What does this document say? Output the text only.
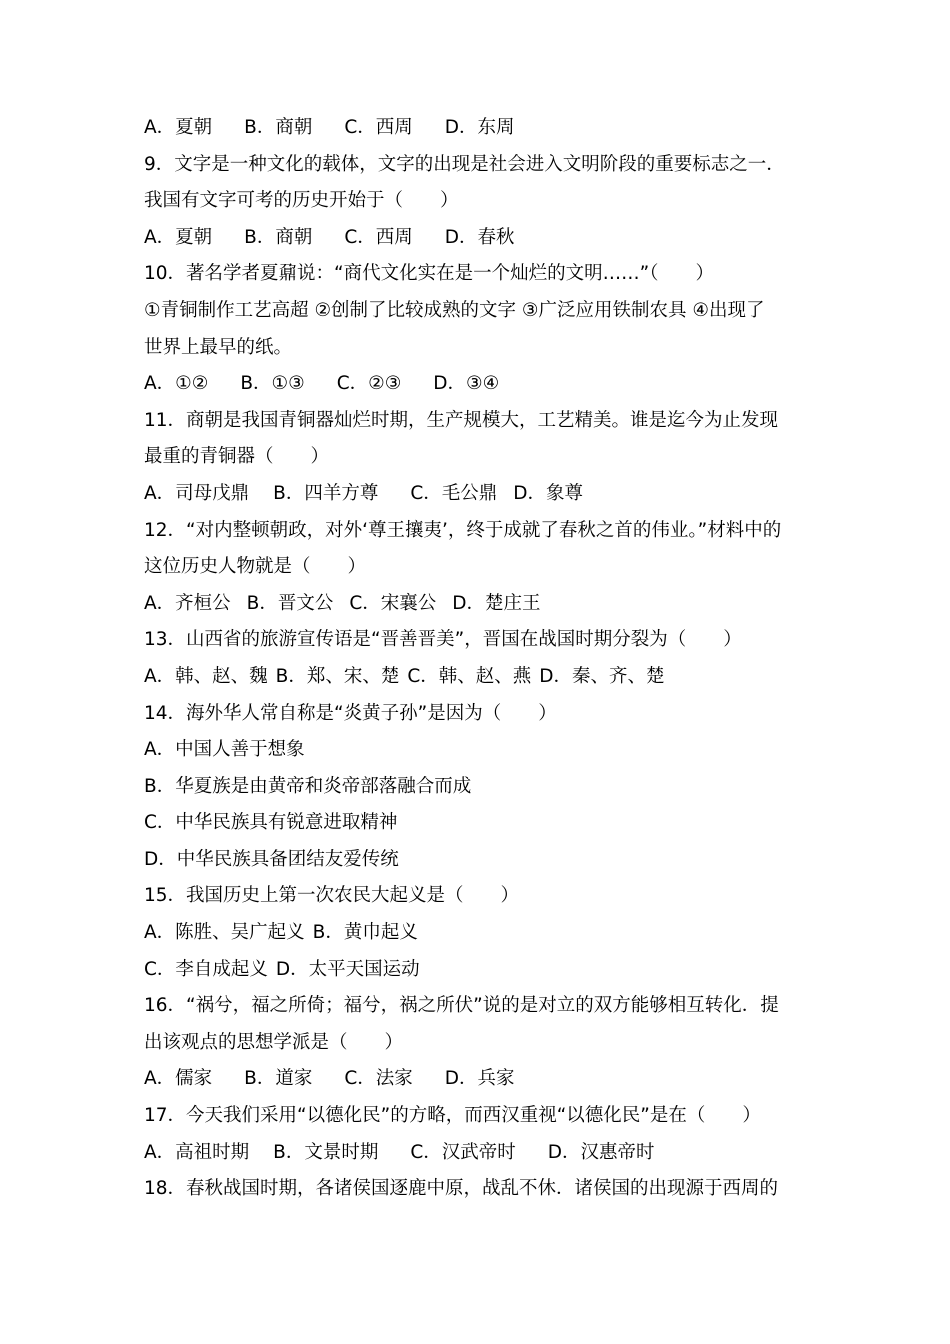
A．夏朝 B．商朝 C．西周 D．东周
9．文字是一种文化的载体，文字的出现是社会进入文明阶段的重要标志之一．
我国有文字可考的历史开始于（　　）
A．夏朝 B．商朝 C．西周 D．春秋
10．著名学者夏鼐说：“商代文化实在是一个灿烂的文明……”（　　）
①青铜制作工艺高超 ②创制了比较成熟的文字 ③广泛应用铁制农具 ④出现了
世界上最早的纸。
A．①② B．①③ C．②③ D．③④
11．商朝是我国青铜器灿烂时期，生产规模大，工艺精美。谁是迄今为止发现
最重的青铜器（　　）
A．司母戊鼎 B．四羊方尊 C．毛公鼎 D．象尊
12．“对内整顿朝政，对外‘尊王攘夷’，终于成就了春秋之首的伟业。”材料中的
这位历史人物就是（　　）
A．齐桓公 B．晋文公 C．宋襄公 D．楚庄王
13．山西省的旅游宣传语是“晋善晋美”，晋国在战国时期分裂为（　　）
A．韩、赵、魏 B．郑、宋、楚 C．韩、赵、燕 D．秦、齐、楚
14．海外华人常自称是“炎黄子孙”是因为（　　）
A．中国人善于想象
B．华夏族是由黄帝和炎帝部落融合而成
C．中华民族具有锐意进取精神
D．中华民族具备团结友爱传统
15．我国历史上第一次农民大起义是（　　）
A．陈胜、吴广起义 B．黄巾起义
C．李自成起义 D．太平天国运动
16．“祸兮，福之所倚；福兮，祸之所伏”说的是对立的双方能够相互转化．提
出该观点的思想学派是（　　）
A．儒家 B．道家 C．法家 D．兵家
17．今天我们采用“以德化民”的方略，而西汉重视“以德化民”是在（　　）
A．高祖时期 B．文景时期 C．汉武帝时 D．汉惠帝时
18．春秋战国时期，各诸侯国逐鹿中原，战乱不休．诸侯国的出现源于西周的
